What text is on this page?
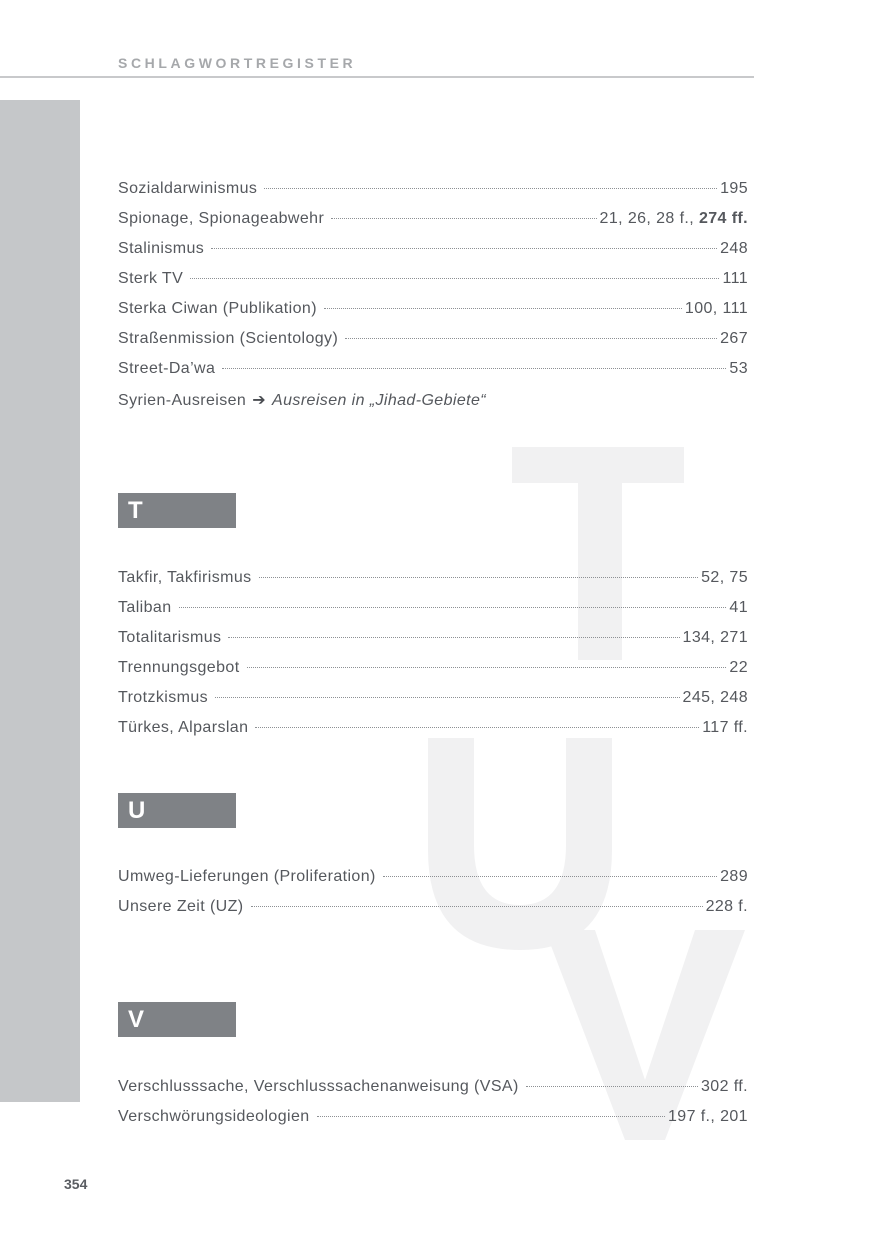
SCHLAGWORTREGISTER
Sozialdarwinismus	195
Spionage, Spionageabwehr	21, 26, 28 f., 274 ff.
Stalinismus	248
Sterk TV	111
Sterka Ciwan (Publikation)	100, 111
Straßenmission (Scientology)	267
Street-Da’wa	53
Syrien-Ausreisen ➔ Ausreisen in „Jihad-Gebiete“
T
Takfir, Takfirismus	52, 75
Taliban	41
Totalitarismus	134, 271
Trennungsgebot	22
Trotzkismus	245, 248
Türkes, Alparslan	117 ff.
U
Umweg-Lieferungen (Proliferation)	289
Unsere Zeit (UZ)	228 f.
V
Verschlusssache, Verschlusssachenanweisung (VSA)	302 ff.
Verschwörungsideologien	197 f., 201
354
